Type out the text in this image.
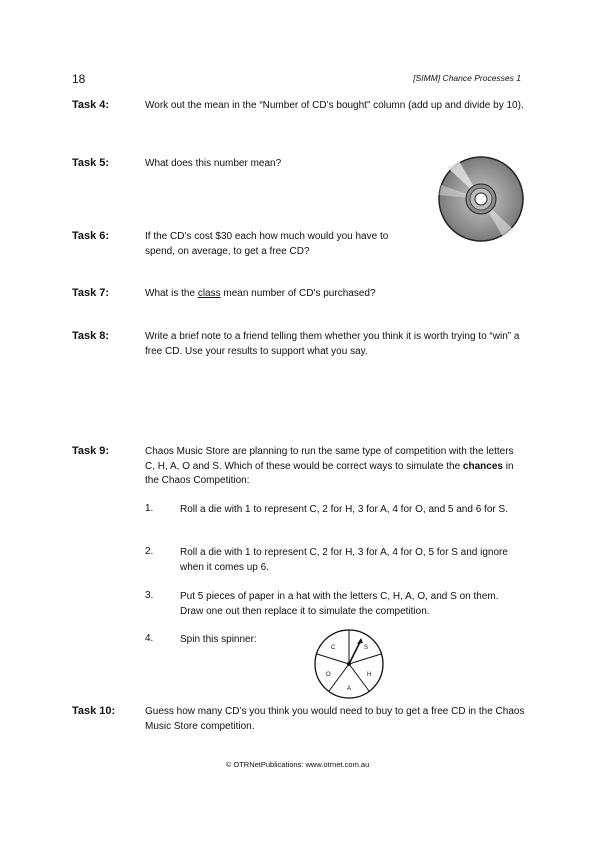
18	[SIMM] Chance Processes 1
Task 4:	Work out the mean in the “Number of CD’s bought” column (add up and divide by 10).
Task 5:	What does this number mean?
Task 6:	If the CD’s cost $30 each how much would you have to
spend, on average, to get a free CD?
Task 7:	What is the class mean number of CD’s purchased?
Task 8:	Write a brief note to a friend telling them whether you think it is worth trying to “win” a free CD. Use your results to support what you say.
Task 9:	Chaos Music Store are planning to run the same type of competition with the letters C, H, A, O and S. Which of these would be correct ways to simulate the chances in the Chaos Competition:
1.	Roll a die with 1 to represent C, 2 for H, 3 for A, 4 for O, and 5 and 6 for S.
2.	Roll a die with 1 to represent C, 2 for H, 3 for A, 4 for O, 5 for S and ignore when it comes up 6.
3.	Put 5 pieces of paper in a hat with the letters C, H, A, O, and S on them. Draw one out then replace it to simulate the competition.
4.	Spin this spinner:
S
H
A
O
C
Task 10:	Guess how many CD’s you think you would need to buy to get a free CD in the Chaos Music Store competition.
© OTRNetPublications: www.otrnet.com.au
